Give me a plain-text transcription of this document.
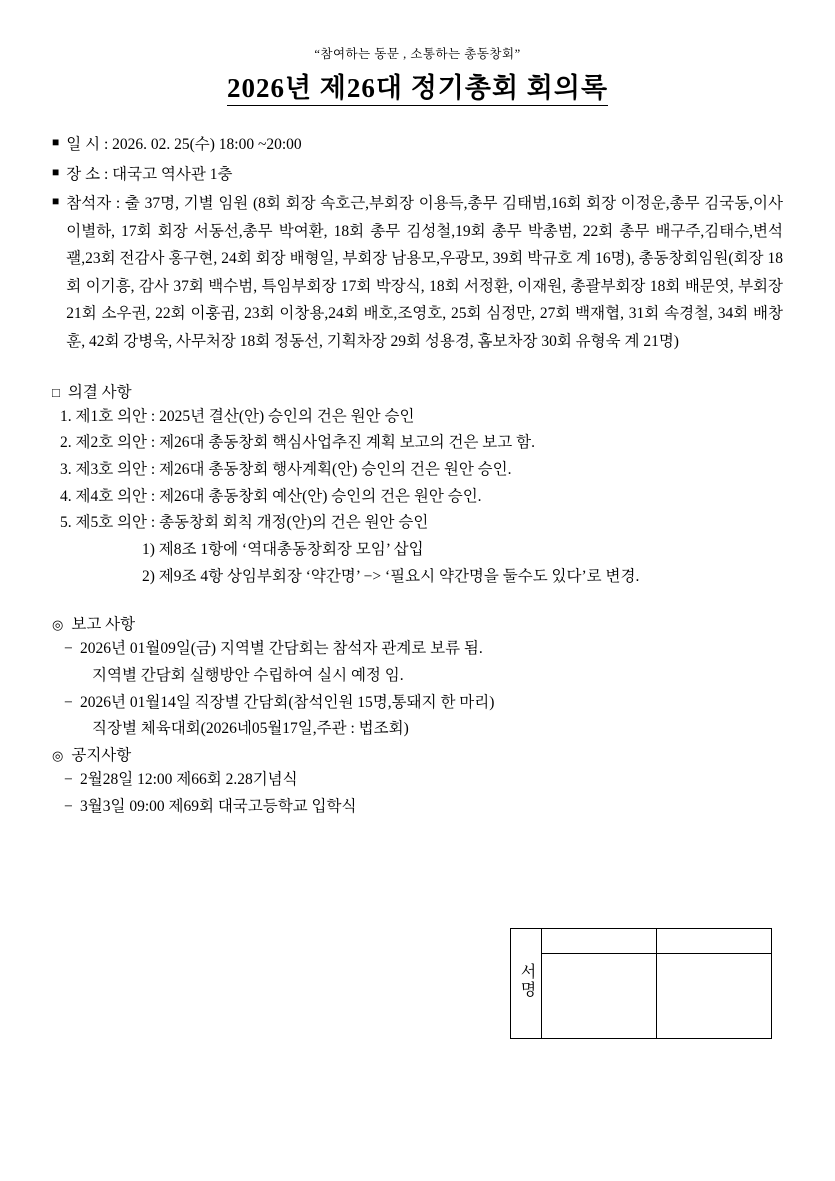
“참여하는 동문 , 소통하는 총동창회”
2026년 제26대 정기총회 회의록
■ 일 시 : 2026. 02. 25(수) 18:00 ~20:00
■ 장 소 : 대국고 역사관 1충
■ 참석자 : 출 37명, 기별 임원 (8회 회장 속호근,부회장 이용득,총무 김태범,16회 회장 이정운,총무 김국동,이사 이별하, 17회 회장 서동선,총무 박여환, 18회 총무 김성철,19회 총무 박총범, 22회 총무 배구주,김태수,변석괠,23회 전감사 홍구현, 24회 회장 배형일, 부회장 남용모,우광모, 39회 박규호 계 16명), 총동창회임원(회장 18회 이기흥, 감사 37회 백수범, 특임부회장 17회 박장식, 18회 서정환, 이재원, 총괄부회장 18회 배문엿, 부회장 21회 소우권, 22회 이훙귐, 23회 이창용,24회 배호,조영호, 25회 심정만, 27회 백재협, 31회 속경철, 34회 배창훈, 42회 강병욱, 사무처장 18회 정동선, 기획차장 29회 성용경, 홈보차장 30회 유형욱 계 21명)
□ 의결 사항
1. 제1호 의안 : 2025년 결산(안) 승인의 건은 원안 승인
2. 제2호 의안 : 제26대 총동창회 핵심사업추진 계획 보고의 건은 보고 함.
3. 제3호 의안 : 제26대 총동창회 행사계획(안) 승인의 건은 원안 승인.
4. 제4호 의안 : 제26대 총동창회 예산(안) 승인의 건은 원안 승인.
5. 제5호 의안 : 총동창회 회칙 개정(안)의 건은 원안 승인
1) 제8조 1항에 ‘역대총동창회장 모임’ 삽입
2) 제9조 4항 상임부회장 ‘약간명’ −> ‘필요시 약간명을 둘수도 있다’로 변경.
◎ 보고 사항
− 2026년 01월09일(금) 지역별 간담회는 참석자 관계로 보류 됨.
지역별 간담회 실행방안 수립하여 실시 예정 임.
− 2026년 01월14일 직장별 간담회(참석인원 15명,통돼지 한 마리)
직장별 체육대회(2026네05월17일,주관 : 법조회)
◎ 공지사항
− 2월28일 12:00 제66회 2.28기념식
− 3월3일 09:00 제69회 대국고등학교 입학식
서명		
